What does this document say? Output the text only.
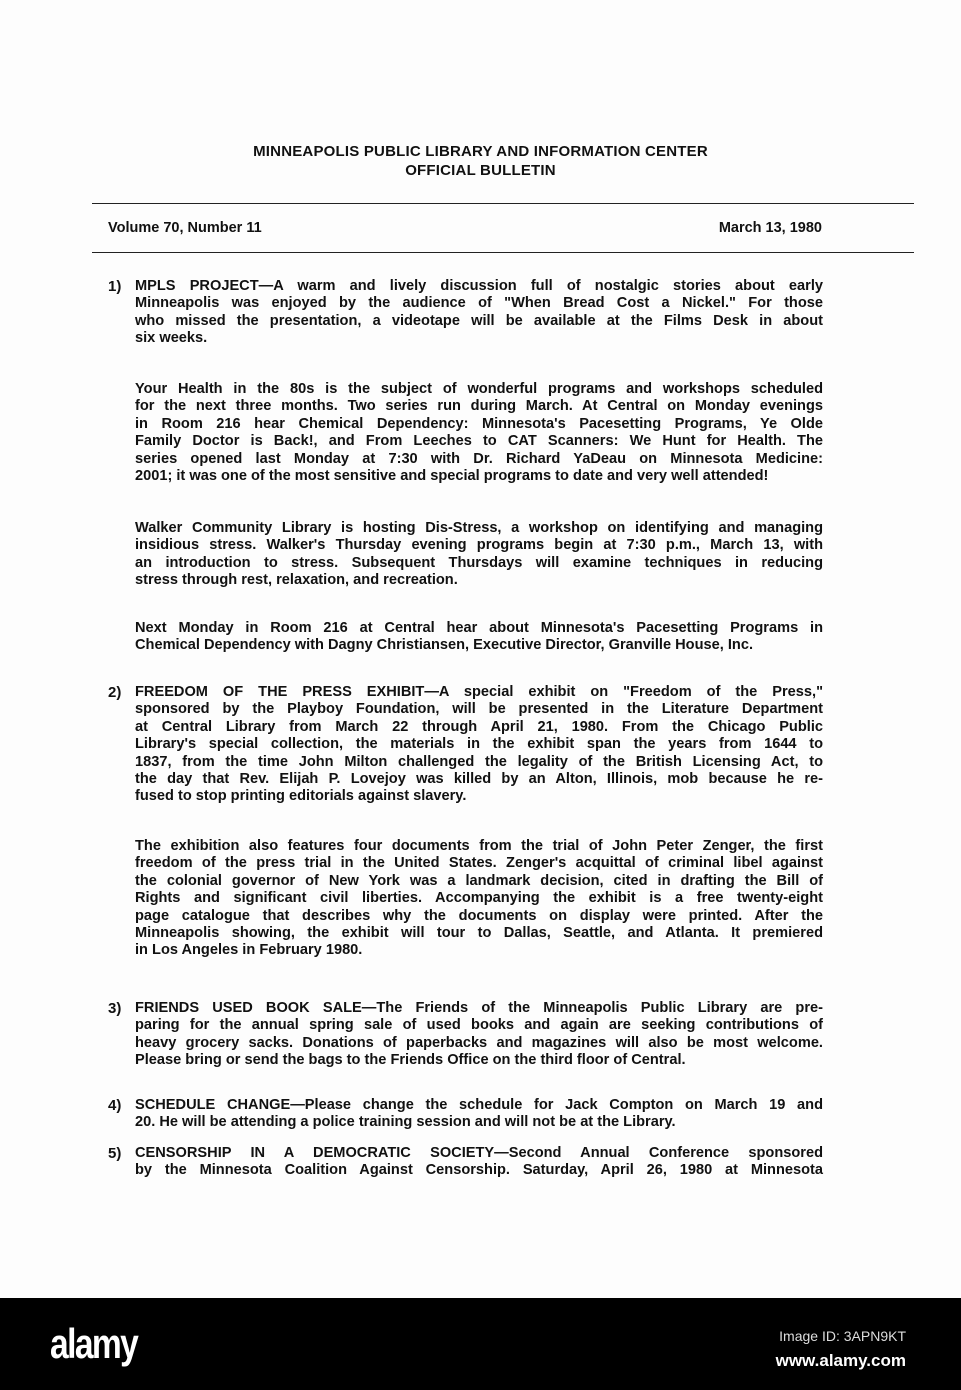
MINNEAPOLIS PUBLIC LIBRARY AND INFORMATION CENTER
OFFICIAL BULLETIN
Volume 70, Number 11	March 13, 1980
1) MPLS PROJECT—A warm and lively discussion full of nostalgic stories about early
Minneapolis was enjoyed by the audience of "When Bread Cost a Nickel." For those
who missed the presentation, a videotape will be available at the Films Desk in about
six weeks.
Your Health in the 80s is the subject of wonderful programs and workshops scheduled
for the next three months. Two series run during March. At Central on Monday evenings
in Room 216 hear Chemical Dependency: Minnesota's Pacesetting Programs, Ye Olde
Family Doctor is Back!, and From Leeches to CAT Scanners: We Hunt for Health. The
series opened last Monday at 7:30 with Dr. Richard YaDeau on Minnesota Medicine:
2001; it was one of the most sensitive and special programs to date and very well attended!
Walker Community Library is hosting Dis-Stress, a workshop on identifying and managing
insidious stress. Walker's Thursday evening programs begin at 7:30 p.m., March 13, with
an introduction to stress. Subsequent Thursdays will examine techniques in reducing
stress through rest, relaxation, and recreation.
Next Monday in Room 216 at Central hear about Minnesota's Pacesetting Programs in
Chemical Dependency with Dagny Christiansen, Executive Director, Granville House, Inc.
2) FREEDOM OF THE PRESS EXHIBIT—A special exhibit on "Freedom of the Press,"
sponsored by the Playboy Foundation, will be presented in the Literature Department
at Central Library from March 22 through April 21, 1980. From the Chicago Public
Library's special collection, the materials in the exhibit span the years from 1644 to
1837, from the time John Milton challenged the legality of the British Licensing Act, to
the day that Rev. Elijah P. Lovejoy was killed by an Alton, Illinois, mob because he re-
fused to stop printing editorials against slavery.
The exhibition also features four documents from the trial of John Peter Zenger, the first
freedom of the press trial in the United States. Zenger's acquittal of criminal libel against
the colonial governor of New York was a landmark decision, cited in drafting the Bill of
Rights and significant civil liberties. Accompanying the exhibit is a free twenty-eight
page catalogue that describes why the documents on display were printed. After the
Minneapolis showing, the exhibit will tour to Dallas, Seattle, and Atlanta. It premiered
in Los Angeles in February 1980.
3) FRIENDS USED BOOK SALE—The Friends of the Minneapolis Public Library are pre-
paring for the annual spring sale of used books and again are seeking contributions of
heavy grocery sacks. Donations of paperbacks and magazines will also be most welcome.
Please bring or send the bags to the Friends Office on the third floor of Central.
4) SCHEDULE CHANGE—Please change the schedule for Jack Compton on March 19 and
20. He will be attending a police training session and will not be at the Library.
5) CENSORSHIP IN A DEMOCRATIC SOCIETY—Second Annual Conference sponsored
by the Minnesota Coalition Against Censorship. Saturday, April 26, 1980 at Minnesota
alamy	Image ID: 3APN9KT
www.alamy.com
